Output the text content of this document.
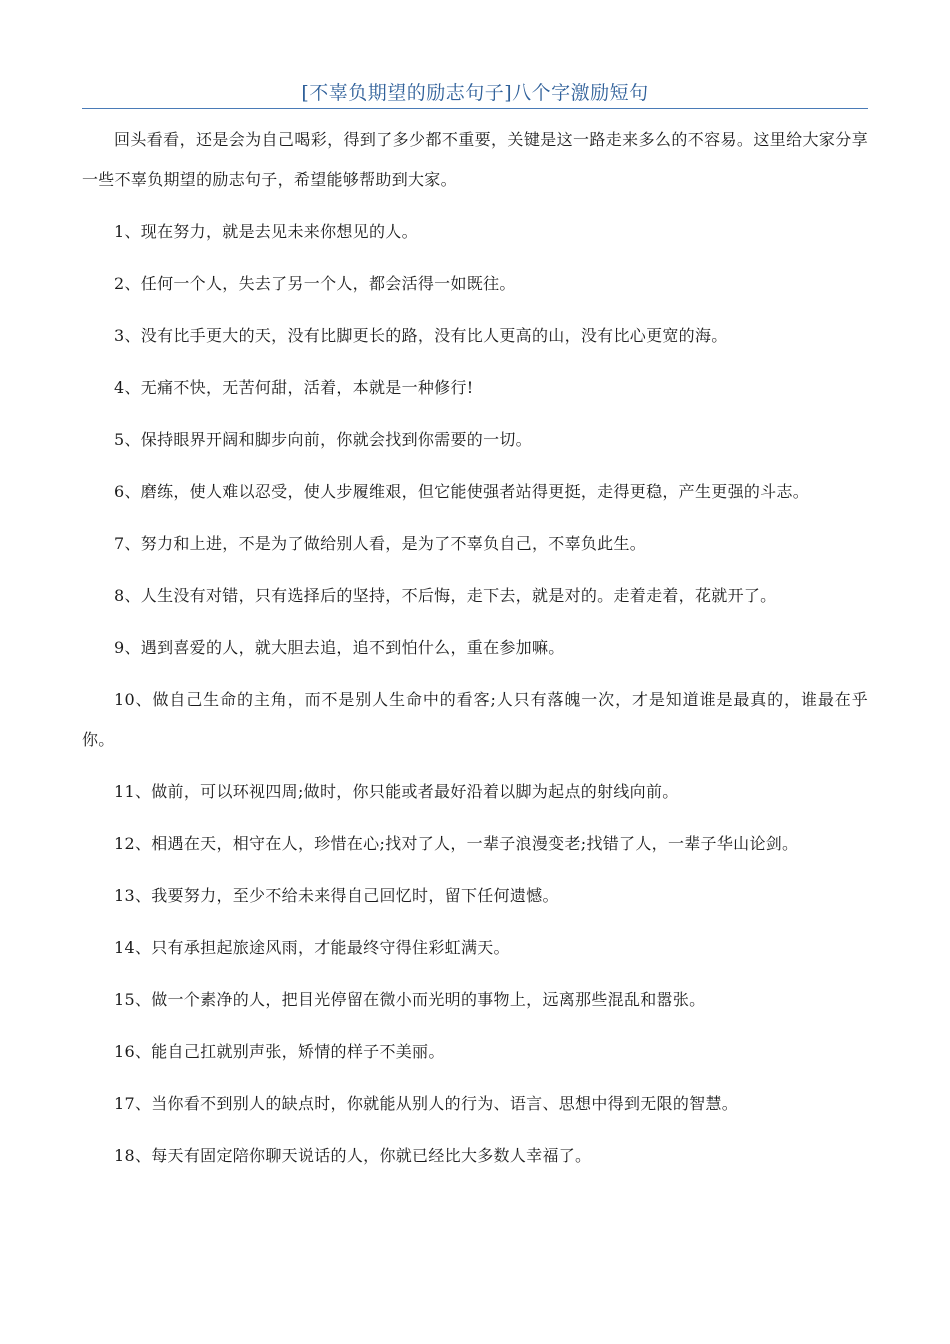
[不辜负期望的励志句子]八个字激励短句

回头看看，还是会为自己喝彩，得到了多少都不重要，关键是这一路走来多么的不容易。这里给大家分享一些不辜负期望的励志句子，希望能够帮助到大家。

1、现在努力，就是去见未来你想见的人。

2、任何一个人，失去了另一个人，都会活得一如既往。

3、没有比手更大的天，没有比脚更长的路，没有比人更高的山，没有比心更宽的海。

4、无痛不快，无苦何甜，活着，本就是一种修行!

5、保持眼界开阔和脚步向前，你就会找到你需要的一切。

6、磨练，使人难以忍受，使人步履维艰，但它能使强者站得更挺，走得更稳，产生更强的斗志。

7、努力和上进，不是为了做给别人看，是为了不辜负自己，不辜负此生。

8、人生没有对错，只有选择后的坚持，不后悔，走下去，就是对的。走着走着，花就开了。

9、遇到喜爱的人，就大胆去追，追不到怕什么，重在参加嘛。

10、做自己生命的主角，而不是别人生命中的看客;人只有落魄一次，才是知道谁是最真的，谁最在乎你。

11、做前，可以环视四周;做时，你只能或者最好沿着以脚为起点的射线向前。

12、相遇在天，相守在人，珍惜在心;找对了人，一辈子浪漫变老;找错了人，一辈子华山论剑。

13、我要努力，至少不给未来得自己回忆时，留下任何遗憾。

14、只有承担起旅途风雨，才能最终守得住彩虹满天。

15、做一个素净的人，把目光停留在微小而光明的事物上，远离那些混乱和嚣张。

16、能自己扛就别声张，矫情的样子不美丽。

17、当你看不到别人的缺点时，你就能从别人的行为、语言、思想中得到无限的智慧。

18、每天有固定陪你聊天说话的人，你就已经比大多数人幸福了。
